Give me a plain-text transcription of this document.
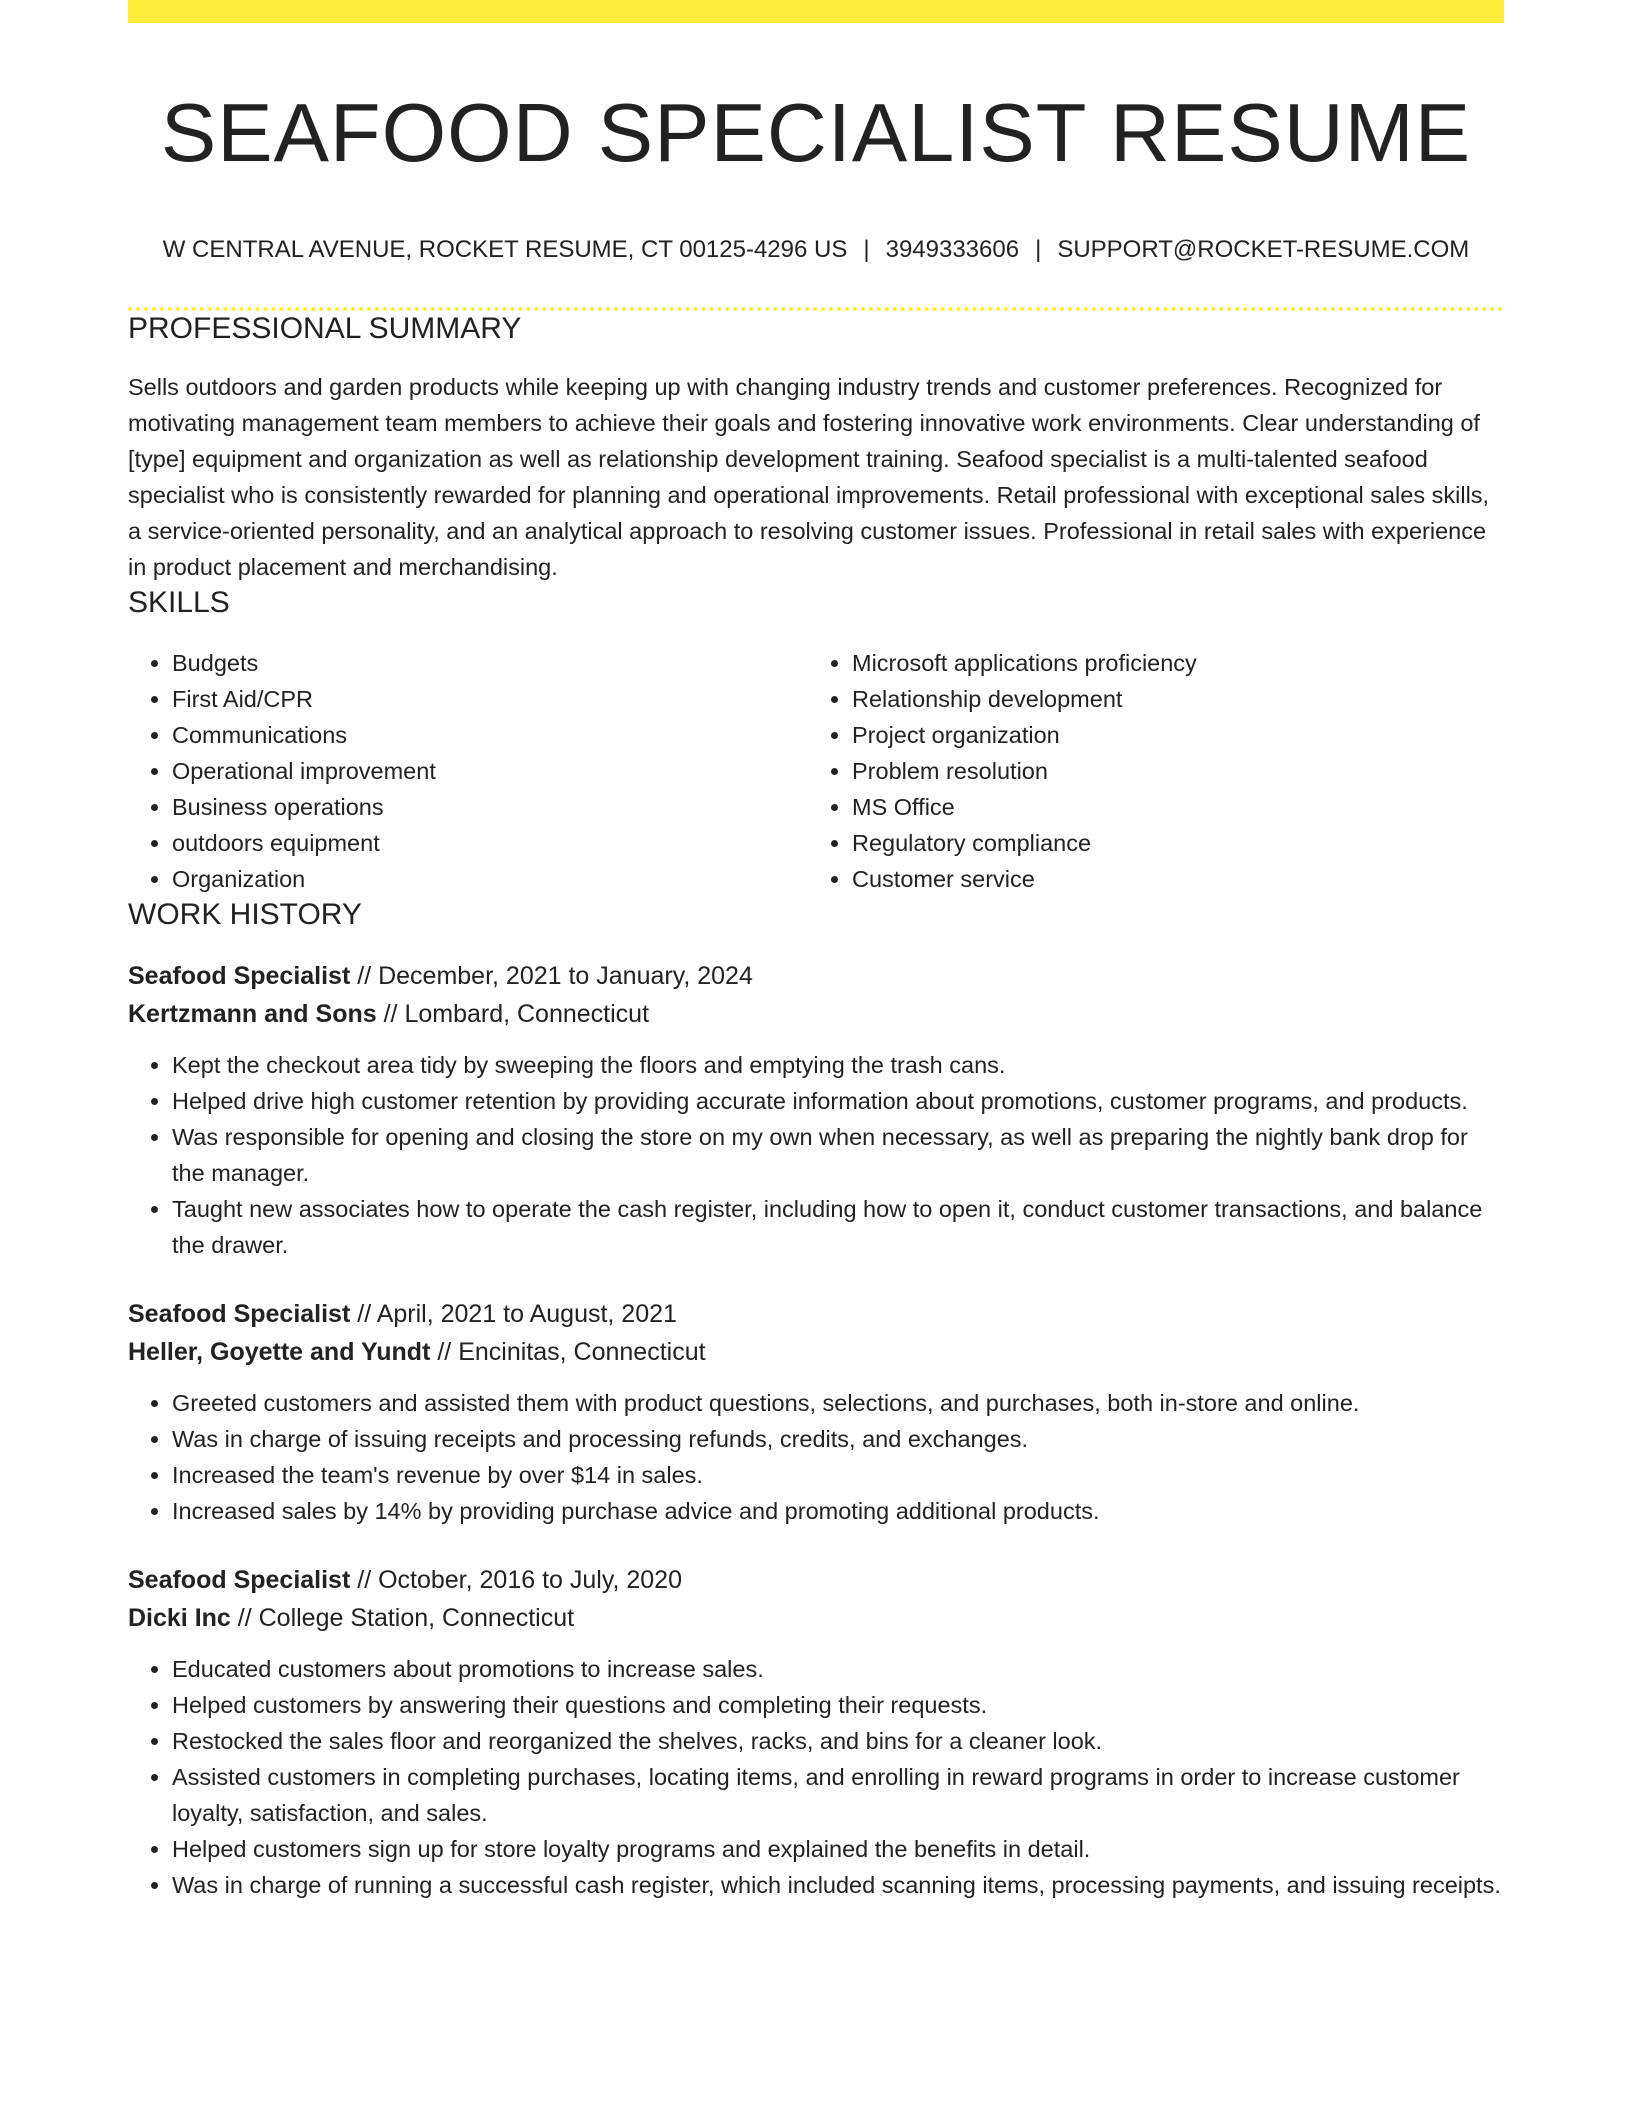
SEAFOOD SPECIALIST RESUME
W CENTRAL AVENUE, ROCKET RESUME, CT 00125-4296 US | 3949333606 | SUPPORT@ROCKET-RESUME.COM
PROFESSIONAL SUMMARY
Sells outdoors and garden products while keeping up with changing industry trends and customer preferences. Recognized for motivating management team members to achieve their goals and fostering innovative work environments. Clear understanding of [type] equipment and organization as well as relationship development training. Seafood specialist is a multi-talented seafood specialist who is consistently rewarded for planning and operational improvements. Retail professional with exceptional sales skills, a service-oriented personality, and an analytical approach to resolving customer issues. Professional in retail sales with experience in product placement and merchandising.
SKILLS
• Budgets
• First Aid/CPR
• Communications
• Operational improvement
• Business operations
• outdoors equipment
• Organization
• Microsoft applications proficiency
• Relationship development
• Project organization
• Problem resolution
• MS Office
• Regulatory compliance
• Customer service
WORK HISTORY
Seafood Specialist // December, 2021 to January, 2024
Kertzmann and Sons // Lombard, Connecticut
• Kept the checkout area tidy by sweeping the floors and emptying the trash cans.
• Helped drive high customer retention by providing accurate information about promotions, customer programs, and products.
• Was responsible for opening and closing the store on my own when necessary, as well as preparing the nightly bank drop for the manager.
• Taught new associates how to operate the cash register, including how to open it, conduct customer transactions, and balance the drawer.
Seafood Specialist // April, 2021 to August, 2021
Heller, Goyette and Yundt // Encinitas, Connecticut
• Greeted customers and assisted them with product questions, selections, and purchases, both in-store and online.
• Was in charge of issuing receipts and processing refunds, credits, and exchanges.
• Increased the team's revenue by over $14 in sales.
• Increased sales by 14% by providing purchase advice and promoting additional products.
Seafood Specialist // October, 2016 to July, 2020
Dicki Inc // College Station, Connecticut
• Educated customers about promotions to increase sales.
• Helped customers by answering their questions and completing their requests.
• Restocked the sales floor and reorganized the shelves, racks, and bins for a cleaner look.
• Assisted customers in completing purchases, locating items, and enrolling in reward programs in order to increase customer loyalty, satisfaction, and sales.
• Helped customers sign up for store loyalty programs and explained the benefits in detail.
• Was in charge of running a successful cash register, which included scanning items, processing payments, and issuing receipts.
